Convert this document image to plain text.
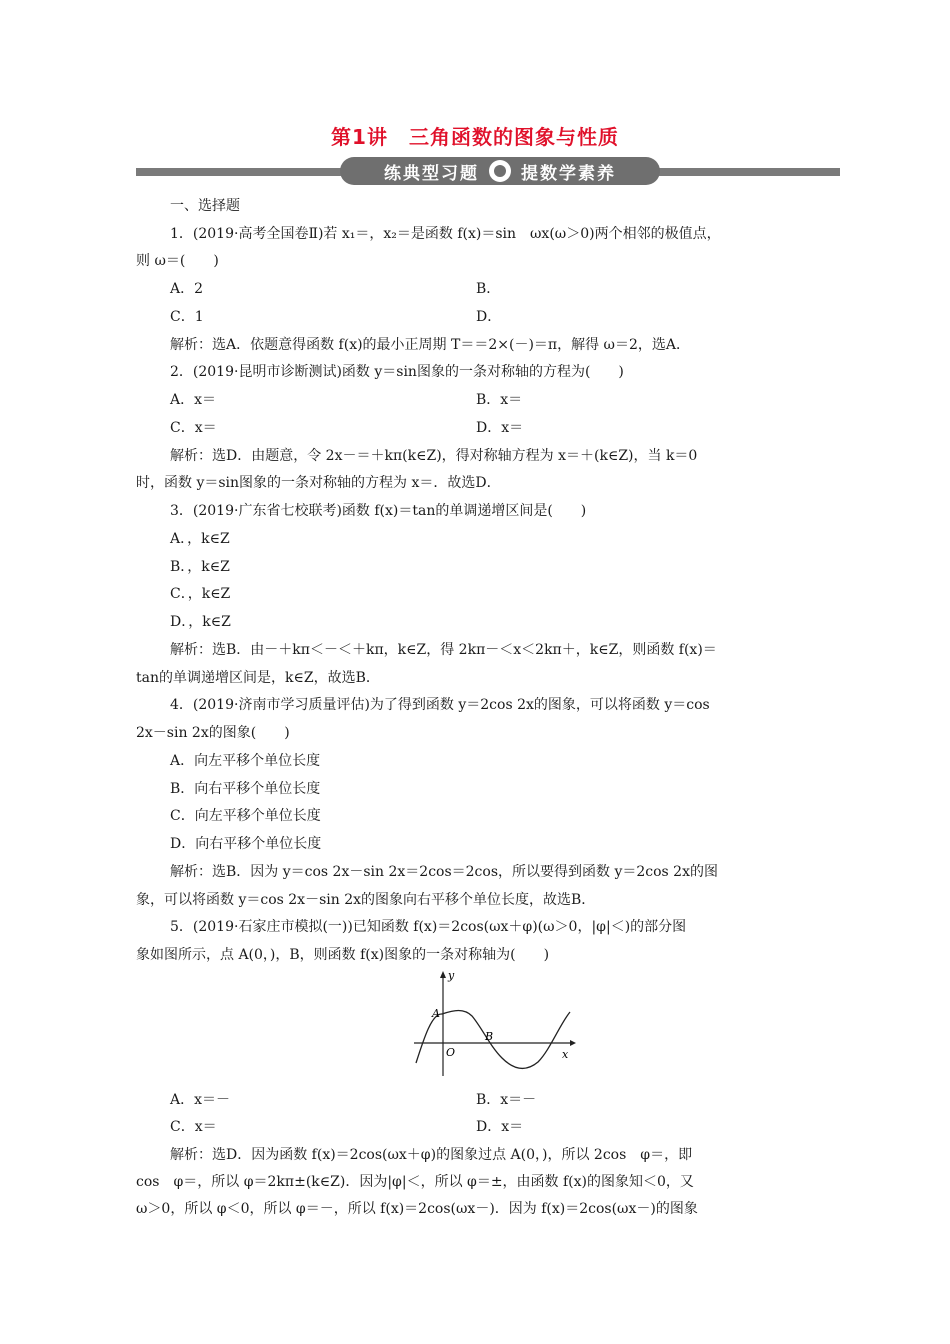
第1讲　三角函数的图象与性质
练典型习题 提数学素养
一、选择题
1．(2019·高考全国卷Ⅱ)若 x₁＝，x₂＝是函数 f(x)＝sin　ωx(ω＞0)两个相邻的极值点，
则 ω＝(　　)
A．2	B．
C．1	D．
解析：选A．依题意得函数 f(x)的最小正周期 T＝＝2×(－)＝π，解得 ω＝2，选A．
2．(2019·昆明市诊断测试)函数 y＝sin图象的一条对称轴的方程为(　　)
A．x＝	B．x＝
C．x＝	D．x＝
解析：选D．由题意，令 2x－＝＋kπ(k∈Z)，得对称轴方程为 x＝＋(k∈Z)，当 k＝0
时，函数 y＝sin图象的一条对称轴的方程为 x＝．故选D．
3．(2019·广东省七校联考)函数 f(x)＝tan的单调递增区间是(　　)
A．，k∈Z
B．，k∈Z
C．，k∈Z
D．，k∈Z
解析：选B．由－＋kπ＜－＜＋kπ，k∈Z，得 2kπ－＜x＜2kπ＋，k∈Z，则函数 f(x)＝
tan的单调递增区间是，k∈Z，故选B．
4．(2019·济南市学习质量评估)为了得到函数 y＝2cos 2x的图象，可以将函数 y＝cos
2x－sin 2x的图象(　　)
A．向左平移个单位长度
B．向右平移个单位长度
C．向左平移个单位长度
D．向右平移个单位长度
解析：选B．因为 y＝cos 2x－sin 2x＝2cos＝2cos，所以要得到函数 y＝2cos 2x的图
象，可以将函数 y＝cos 2x－sin 2x的图象向右平移个单位长度，故选B．
5．(2019·石家庄市模拟(一))已知函数 f(x)＝2cos(ωx＋φ)(ω＞0，|φ|＜)的部分图
象如图所示，点 A(0，)，B，则函数 f(x)图象的一条对称轴为(　　)
y
x
O
A
B
A．x＝－	B．x＝－
C．x＝	D．x＝
解析：选D．因为函数 f(x)＝2cos(ωx＋φ)的图象过点 A(0，)，所以 2cos　φ＝，即
cos　φ＝，所以 φ＝2kπ±(k∈Z)．因为|φ|＜，所以 φ＝±，由函数 f(x)的图象知＜0，又
ω＞0，所以 φ＜0，所以 φ＝－，所以 f(x)＝2cos(ωx－)．因为 f(x)＝2cos(ωx－)的图象
